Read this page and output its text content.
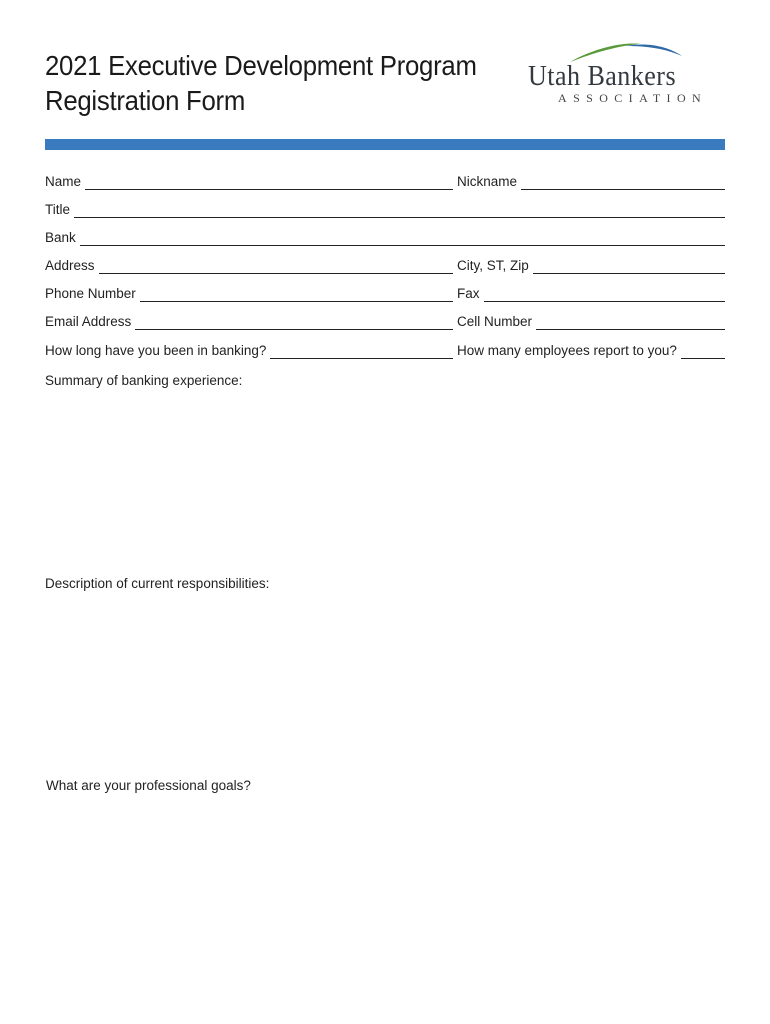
2021 Executive Development Program
Registration Form
Utah Bankers
ASSOCIATION
Name	Nickname
Title
Bank
Address	City, ST, Zip
Phone Number	Fax
Email Address	Cell Number
How long have you been in banking?	How many employees report to you?
Summary of banking experience:
Description of current responsibilities:
What are your professional goals?
